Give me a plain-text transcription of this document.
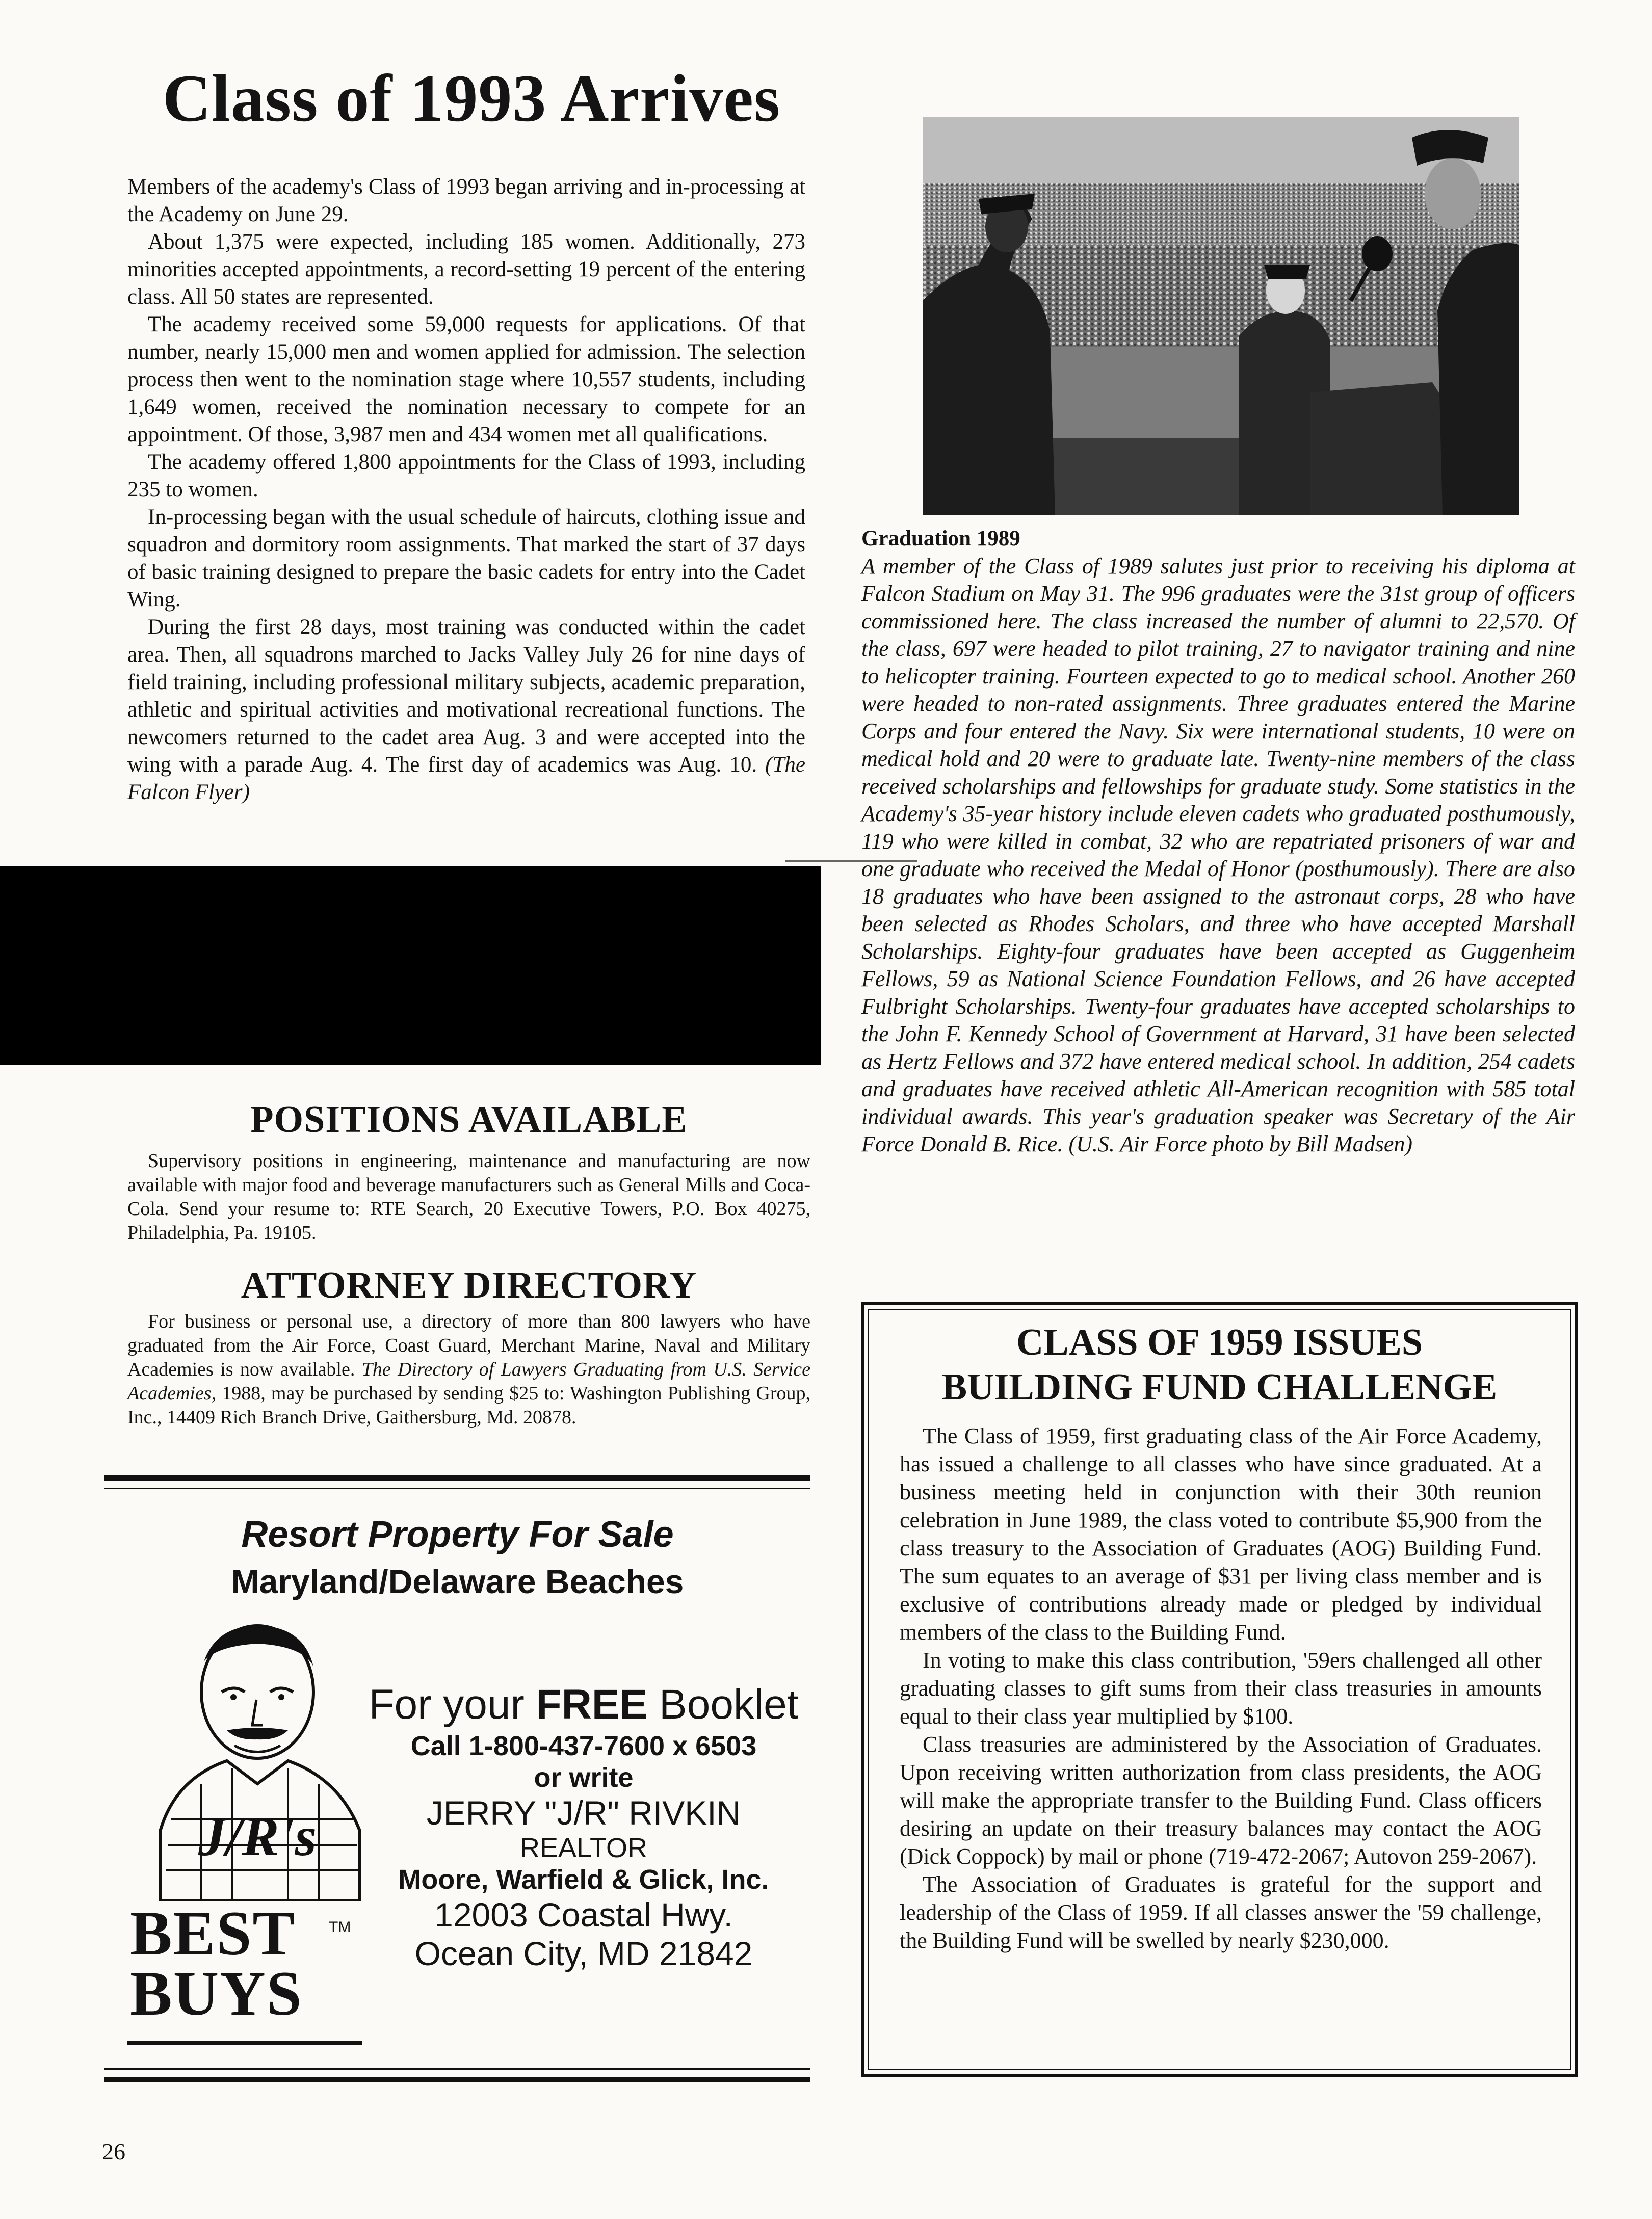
Class of 1993 Arrives

Members of the academy's Class of 1993 began arriving and in-processing at the Academy on June 29.

About 1,375 were expected, including 185 women. Additionally, 273 minorities accepted appointments, a record-setting 19 percent of the entering class. All 50 states are represented.

The academy received some 59,000 requests for applications. Of that number, nearly 15,000 men and women applied for admission. The selection process then went to the nomination stage where 10,557 students, including 1,649 women, received the nomination necessary to compete for an appointment. Of those, 3,987 men and 434 women met all qualifications.

The academy offered 1,800 appointments for the Class of 1993, including 235 to women.

In-processing began with the usual schedule of haircuts, clothing issue and squadron and dormitory room assignments. That marked the start of 37 days of basic training designed to prepare the basic cadets for entry into the Cadet Wing.

During the first 28 days, most training was conducted within the cadet area. Then, all squadrons marched to Jacks Valley July 26 for nine days of field training, including professional military subjects, academic preparation, athletic and spiritual activities and motivational recreational functions. The newcomers returned to the cadet area Aug. 3 and were accepted into the wing with a parade Aug. 4. The first day of academics was Aug. 10. (The Falcon Flyer)

Graduation 1989
A member of the Class of 1989 salutes just prior to receiving his diploma at Falcon Stadium on May 31. The 996 graduates were the 31st group of officers commissioned here. The class increased the number of alumni to 22,570. Of the class, 697 were headed to pilot training, 27 to navigator training and nine to helicopter training. Fourteen expected to go to medical school. Another 260 were headed to non-rated assignments. Three graduates entered the Marine Corps and four entered the Navy. Six were international students, 10 were on medical hold and 20 were to graduate late. Twenty-nine members of the class received scholarships and fellowships for graduate study. Some statistics in the Academy's 35-year history include eleven cadets who graduated posthumously, 119 who were killed in combat, 32 who are repatriated prisoners of war and one graduate who received the Medal of Honor (posthumously). There are also 18 graduates who have been assigned to the astronaut corps, 28 who have been selected as Rhodes Scholars, and three who have accepted Marshall Scholarships. Eighty-four graduates have been accepted as Guggenheim Fellows, 59 as National Science Foundation Fellows, and 26 have accepted Fulbright Scholarships. Twenty-four graduates have accepted scholarships to the John F. Kennedy School of Government at Harvard, 31 have been selected as Hertz Fellows and 372 have entered medical school. In addition, 254 cadets and graduates have received athletic All-American recognition with 585 total individual awards. This year's graduation speaker was Secretary of the Air Force Donald B. Rice. (U.S. Air Force photo by Bill Madsen)
POSITIONS AVAILABLE
Supervisory positions in engineering, maintenance and manufacturing are now available with major food and beverage manufacturers such as General Mills and Coca-Cola. Send your resume to: RTE Search, 20 Executive Towers, P.O. Box 40275, Philadelphia, Pa. 19105.
ATTORNEY DIRECTORY
For business or personal use, a directory of more than 800 lawyers who have graduated from the Air Force, Coast Guard, Merchant Marine, Naval and Military Academies is now available. The Directory of Lawyers Graduating from U.S. Service Academies, 1988, may be purchased by sending $25 to: Washington Publishing Group, Inc., 14409 Rich Branch Drive, Gaithersburg, Md. 20878.
Resort Property For Sale
Maryland/Delaware Beaches
J/R's
BEST
BUYS
TM
For your FREE Booklet
Call 1-800-437-7600 x 6503
or write
JERRY "J/R" RIVKIN
REALTOR
Moore, Warfield & Glick, Inc.
12003 Coastal Hwy.
Ocean City, MD 21842
CLASS OF 1959 ISSUES
BUILDING FUND CHALLENGE

The Class of 1959, first graduating class of the Air Force Academy, has issued a challenge to all classes who have since graduated. At a business meeting held in conjunction with their 30th reunion celebration in June 1989, the class voted to contribute $5,900 from the class treasury to the Association of Graduates (AOG) Building Fund. The sum equates to an average of $31 per living class member and is exclusive of contributions already made or pledged by individual members of the class to the Building Fund.

In voting to make this class contribution, '59ers challenged all other graduating classes to gift sums from their class treasuries in amounts equal to their class year multiplied by $100.

Class treasuries are administered by the Association of Graduates. Upon receiving written authorization from class presidents, the AOG will make the appropriate transfer to the Building Fund. Class officers desiring an update on their treasury balances may contact the AOG (Dick Coppock) by mail or phone (719-472-2067; Autovon 259-2067).

The Association of Graduates is grateful for the support and leadership of the Class of 1959. If all classes answer the '59 challenge, the Building Fund will be swelled by nearly $230,000.

26
